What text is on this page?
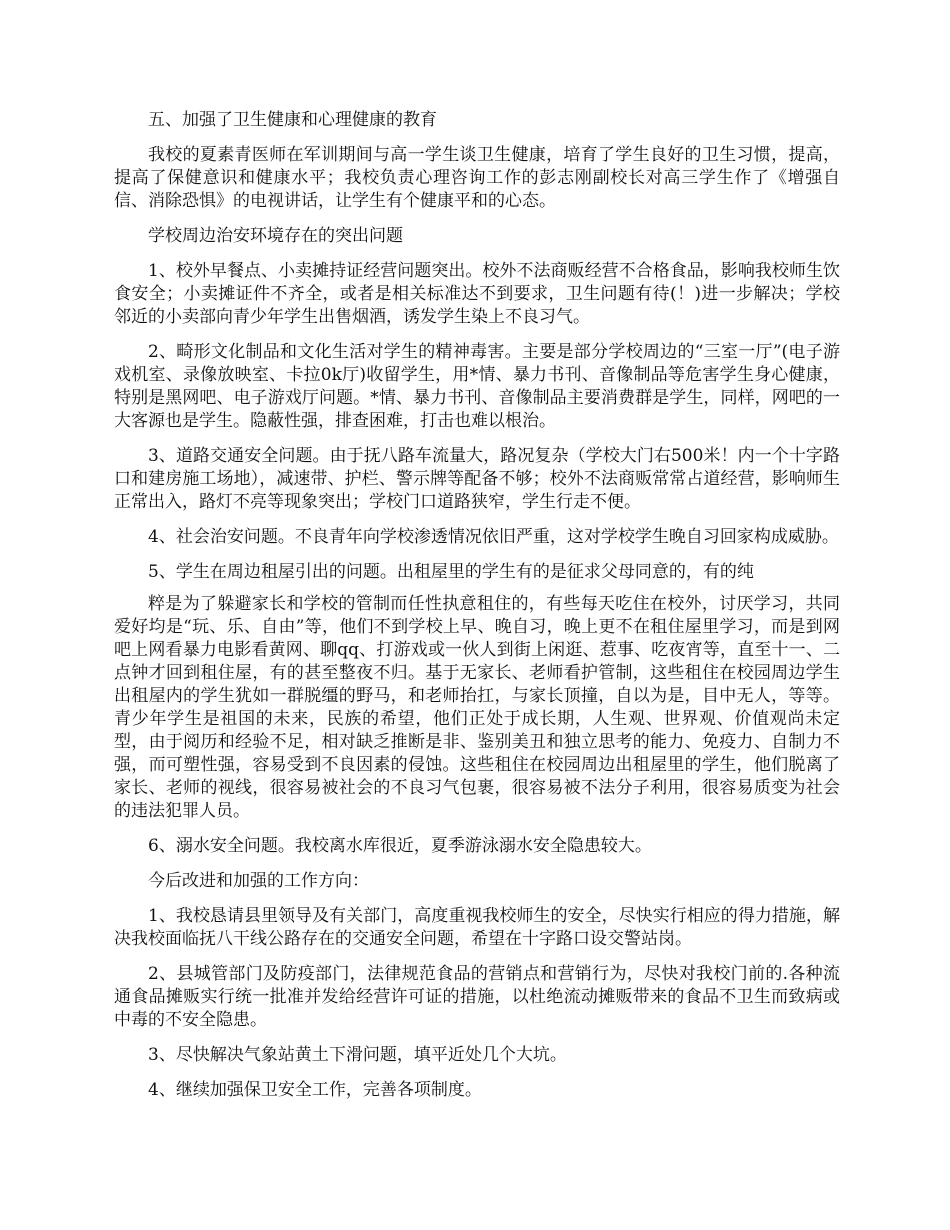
五、加强了卫生健康和心理健康的教育

我校的夏素青医师在军训期间与高一学生谈卫生健康，培育了学生良好的卫生习惯，提高，提高了保健意识和健康水平；我校负责心理咨询工作的彭志刚副校长对高三学生作了《增强自信、消除恐惧》的电视讲话，让学生有个健康平和的心态。

学校周边治安环境存在的突出问题

1、校外早餐点、小卖摊持证经营问题突出。校外不法商贩经营不合格食品，影响我校师生饮食安全；小卖摊证件不齐全，或者是相关标准达不到要求，卫生问题有待(！)进一步解决；学校邻近的小卖部向青少年学生出售烟酒，诱发学生染上不良习气。

2、畸形文化制品和文化生活对学生的精神毒害。主要是部分学校周边的“三室一厅”(电子游戏机室、录像放映室、卡拉0k厅)收留学生，用*情、暴力书刊、音像制品等危害学生身心健康，特别是黑网吧、电子游戏厅问题。*情、暴力书刊、音像制品主要消费群是学生，同样，网吧的一大客源也是学生。隐蔽性强，排查困难，打击也难以根治。

3、道路交通安全问题。由于抚八路车流量大，路况复杂（学校大门右500米！内一个十字路口和建房施工场地），减速带、护栏、警示牌等配备不够；校外不法商贩常常占道经营，影响师生正常出入，路灯不亮等现象突出；学校门口道路狭窄，学生行走不便。

4、社会治安问题。不良青年向学校渗透情况依旧严重，这对学校学生晚自习回家构成威胁。

5、学生在周边租屋引出的问题。出租屋里的学生有的是征求父母同意的，有的纯

粹是为了躲避家长和学校的管制而任性执意租住的，有些每天吃住在校外，讨厌学习，共同爱好均是“玩、乐、自由”等，他们不到学校上早、晚自习，晚上更不在租住屋里学习，而是到网吧上网看暴力电影看黄网、聊qq、打游戏或一伙人到街上闲逛、惹事、吃夜宵等，直至十一、二点钟才回到租住屋，有的甚至整夜不归。基于无家长、老师看护管制，这些租住在校园周边学生出租屋内的学生犹如一群脱缰的野马，和老师抬扛，与家长顶撞，自以为是，目中无人，等等。青少年学生是祖国的未来，民族的希望，他们正处于成长期，人生观、世界观、价值观尚未定型，由于阅历和经验不足，相对缺乏推断是非、鉴别美丑和独立思考的能力、免疫力、自制力不强，而可塑性强，容易受到不良因素的侵蚀。这些租住在校园周边出租屋里的学生，他们脱离了家长、老师的视线，很容易被社会的不良习气包裹，很容易被不法分子利用，很容易质变为社会的违法犯罪人员。

6、溺水安全问题。我校离水库很近，夏季游泳溺水安全隐患较大。

今后改进和加强的工作方向：

1、我校恳请县里领导及有关部门，高度重视我校师生的安全，尽快实行相应的得力措施，解决我校面临抚八干线公路存在的交通安全问题，希望在十字路口设交警站岗。

2、县城管部门及防疫部门，法律规范食品的营销点和营销行为，尽快对我校门前的.各种流通食品摊贩实行统一批准并发给经营许可证的措施，以杜绝流动摊贩带来的食品不卫生而致病或中毒的不安全隐患。

3、尽快解决气象站黄土下滑问题，填平近处几个大坑。

4、继续加强保卫安全工作，完善各项制度。
